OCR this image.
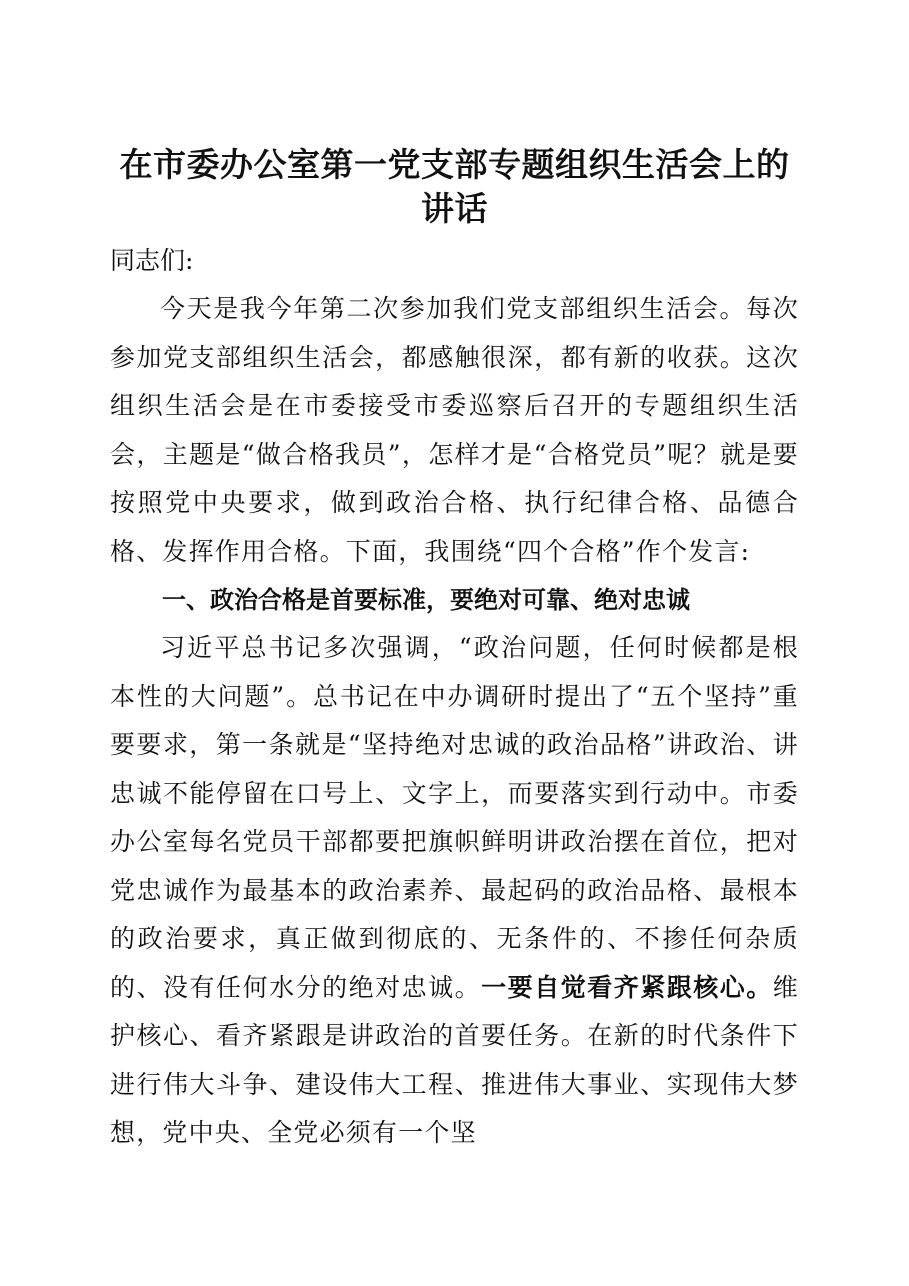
在市委办公室第一党支部专题组织生活会上的
讲话

同志们:

今天是我今年第二次参加我们党支部组织生活会。每次参加党支部组织生活会，都感触很深，都有新的收获。这次组织生活会是在市委接受市委巡察后召开的专题组织生活会，主题是“做合格我员”，怎样才是“合格党员”呢？就是要按照党中央要求，做到政治合格、执行纪律合格、品德合格、发挥作用合格。下面，我围绕“四个合格”作个发言:

一、政治合格是首要标准，要绝对可靠、绝对忠诚

习近平总书记多次强调，“政治问题，任何时候都是根本性的大问题”。总书记在中办调研时提出了“五个坚持”重要要求，第一条就是“坚持绝对忠诚的政治品格”讲政治、讲忠诚不能停留在口号上、文字上，而要落实到行动中。市委办公室每名党员干部都要把旗帜鲜明讲政治摆在首位，把对党忠诚作为最基本的政治素养、最起码的政治品格、最根本的政治要求，真正做到彻底的、无条件的、不掺任何杂质的、没有任何水分的绝对忠诚。一要自觉看齐紧跟核心。维护核心、看齐紧跟是讲政治的首要任务。在新的时代条件下进行伟大斗争、建设伟大工程、推进伟大事业、实现伟大梦想，党中央、全党必须有一个坚
